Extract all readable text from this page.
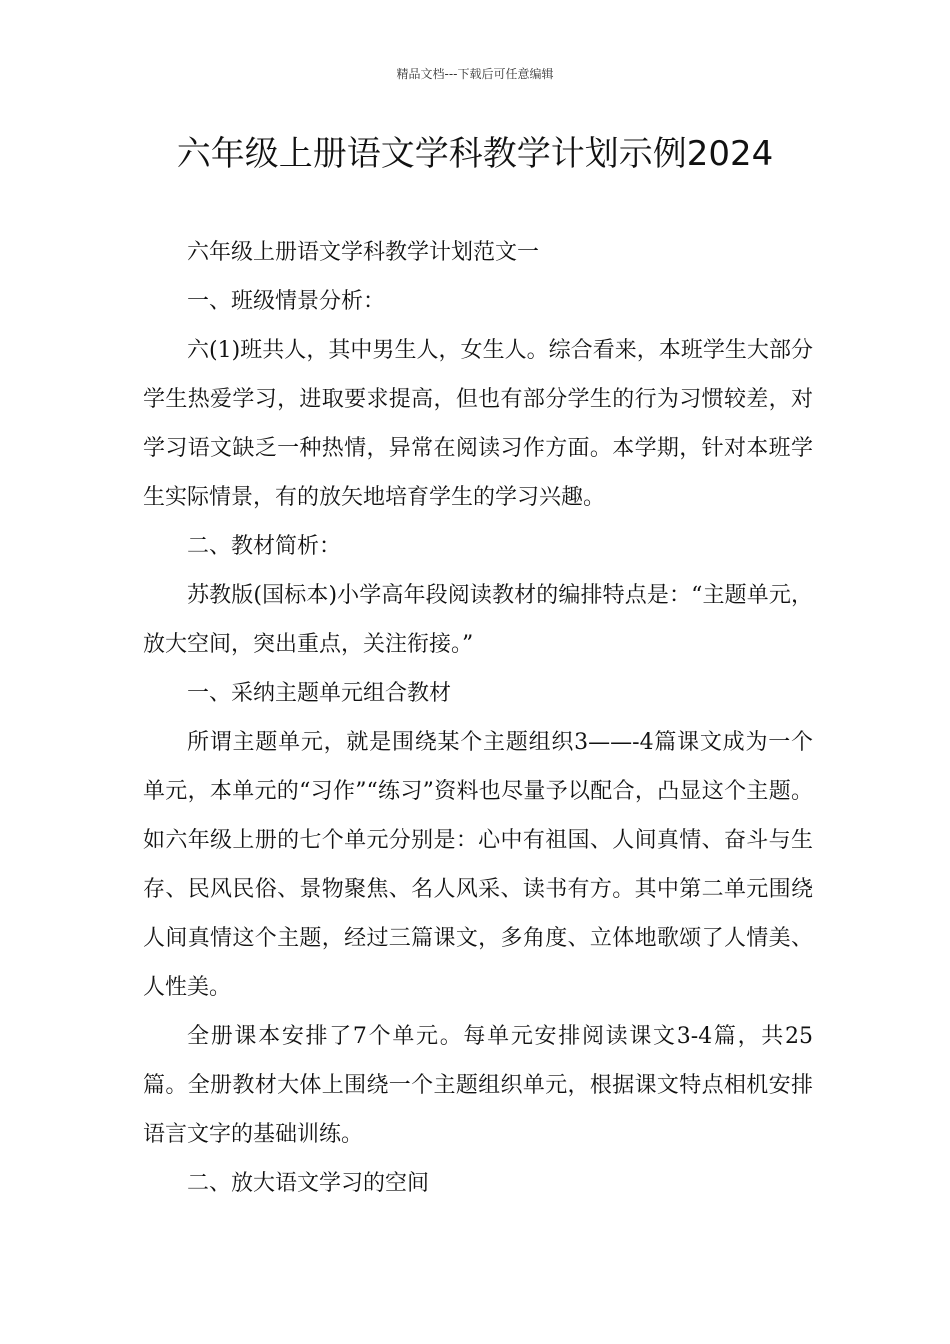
精品文档---下载后可任意编辑
六年级上册语文学科教学计划示例2024

六年级上册语文学科教学计划范文一

一、班级情景分析：

六(1)班共人，其中男生人，女生人。综合看来，本班学生大部分学生热爱学习，进取要求提高，但也有部分学生的行为习惯较差，对学习语文缺乏一种热情，异常在阅读习作方面。本学期，针对本班学生实际情景，有的放矢地培育学生的学习兴趣。

二、教材简析：

苏教版(国标本)小学高年段阅读教材的编排特点是：“主题单元，放大空间，突出重点，关注衔接。”

一、采纳主题单元组合教材

所谓主题单元，就是围绕某个主题组织3——-4篇课文成为一个单元，本单元的“习作”“练习”资料也尽量予以配合，凸显这个主题。如六年级上册的七个单元分别是：心中有祖国、人间真情、奋斗与生存、民风民俗、景物聚焦、名人风采、读书有方。其中第二单元围绕人间真情这个主题，经过三篇课文，多角度、立体地歌颂了人情美、人性美。

全册课本安排了7个单元。每单元安排阅读课文3-4篇，共25篇。全册教材大体上围绕一个主题组织单元，根据课文特点相机安排语言文字的基础训练。

二、放大语文学习的空间
